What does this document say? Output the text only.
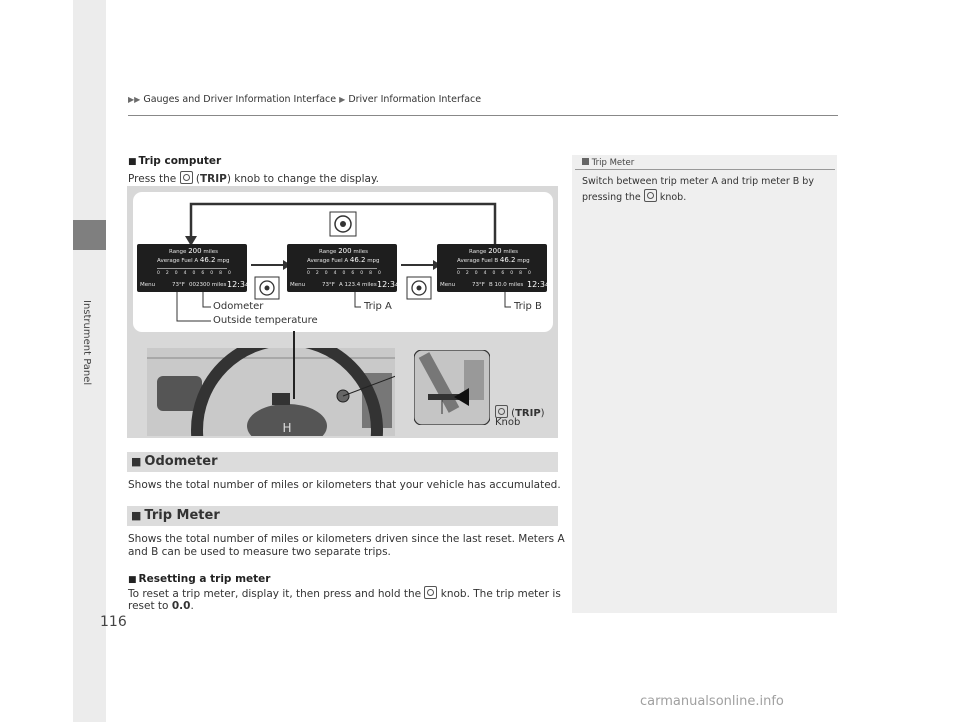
Instrument Panel
▶▶ Gauges and Driver Information Interface ▶ Driver Information Interface
■ Trip computer
Press the  (TRIP) knob to change the display.
Range 200 miles
Average Fuel A 46.2 mpg
020406080
Menu	73°F 002300 miles 12:34
Range 200 miles
Average Fuel A 46.2 mpg
020406080
Menu	73°F A 123.4 miles 12:34
Range 200 miles
Average Fuel B 46.2 mpg
020406080
Menu	73°F B 10.0 miles 12:34
Odometer
Outside temperature
Trip A	Trip B
H
(TRIP)
Knob
■ Odometer
Shows the total number of miles or kilometers that your vehicle has accumulated.
■ Trip Meter
Shows the total number of miles or kilometers driven since the last reset. Meters A
and B can be used to measure two separate trips.
■ Resetting a trip meter
To reset a trip meter, display it, then press and hold the knob. The trip meter is
reset to 0.0.
116
Trip Meter
Switch between trip meter A and trip meter B by
pressing the knob.
carmanualsonline.info
